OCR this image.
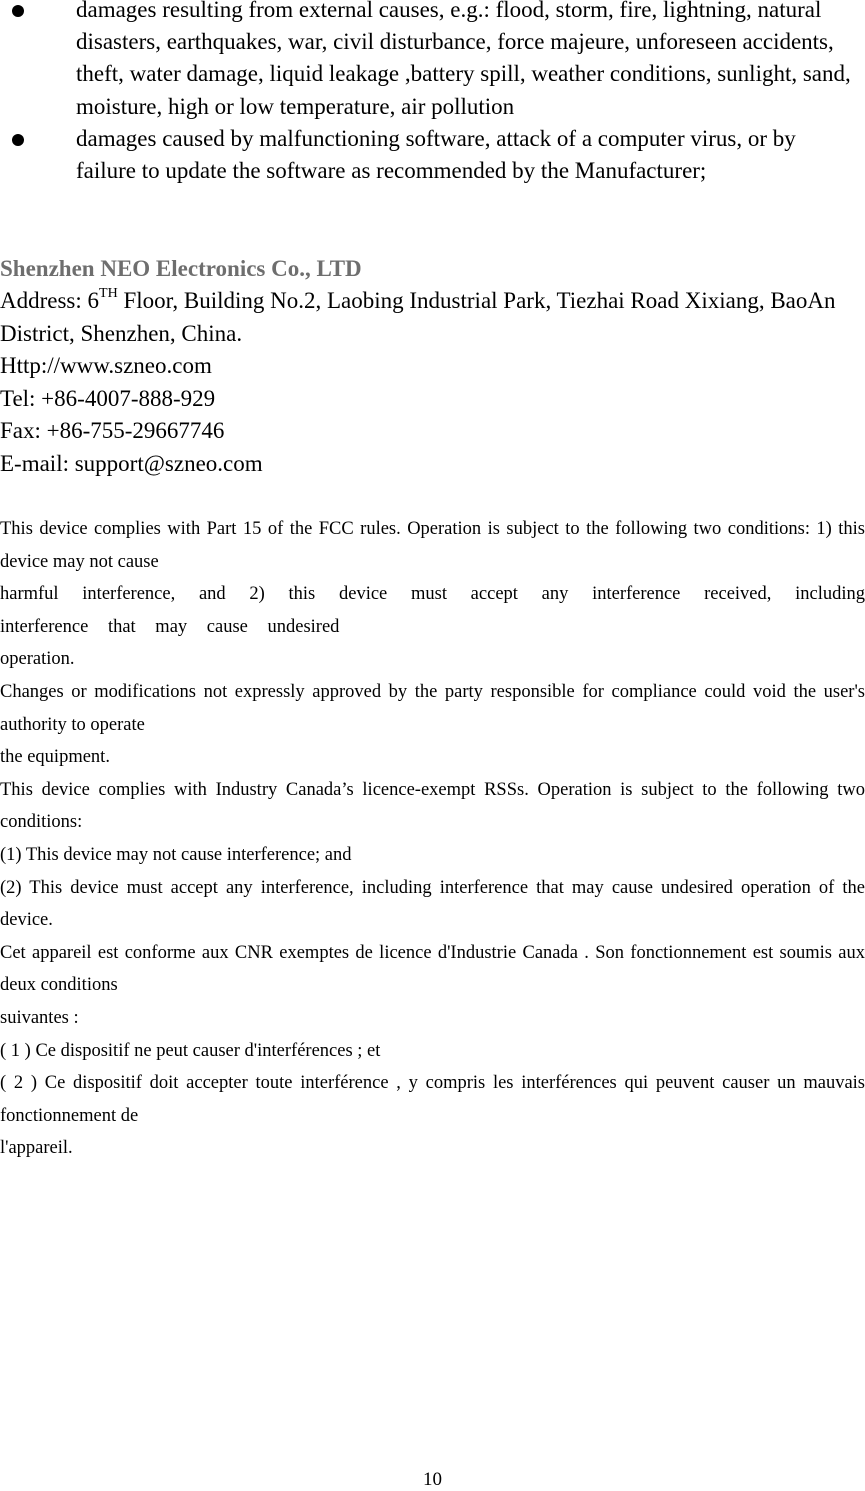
damages resulting from external causes, e.g.: flood, storm, fire, lightning, natural disasters, earthquakes, war, civil disturbance, force majeure, unforeseen accidents, theft, water damage, liquid leakage ,battery spill, weather conditions, sunlight, sand, moisture, high or low temperature, air pollution
damages caused by malfunctioning software, attack of a computer virus, or by failure to update the software as recommended by the Manufacturer;
Shenzhen NEO Electronics Co., LTD
Address: 6TH Floor, Building No.2, Laobing Industrial Park, Tiezhai Road Xixiang, BaoAn District, Shenzhen, China.
Http://www.szneo.com
Tel: +86-4007-888-929
Fax: +86-755-29667746
E-mail: support@szneo.com
This device complies with Part 15 of the FCC rules. Operation is subject to the following two conditions: 1) this device may not cause
harmful interference, and 2) this device must accept any interference received, including interference that may cause undesired
operation.
Changes or modifications not expressly approved by the party responsible for compliance could void the user's authority to operate
the equipment.
This device complies with Industry Canada’s licence-exempt RSSs. Operation is subject to the following two conditions:
(1) This device may not cause interference; and
(2) This device must accept any interference, including interference that may cause undesired operation of the device.
Cet appareil est conforme aux CNR exemptes de licence d'Industrie Canada . Son fonctionnement est soumis aux deux conditions
suivantes :
( 1 ) Ce dispositif ne peut causer d'interférences ; et
( 2 ) Ce dispositif doit accepter toute interférence , y compris les interférences qui peuvent causer un mauvais fonctionnement de
l'appareil.
10
